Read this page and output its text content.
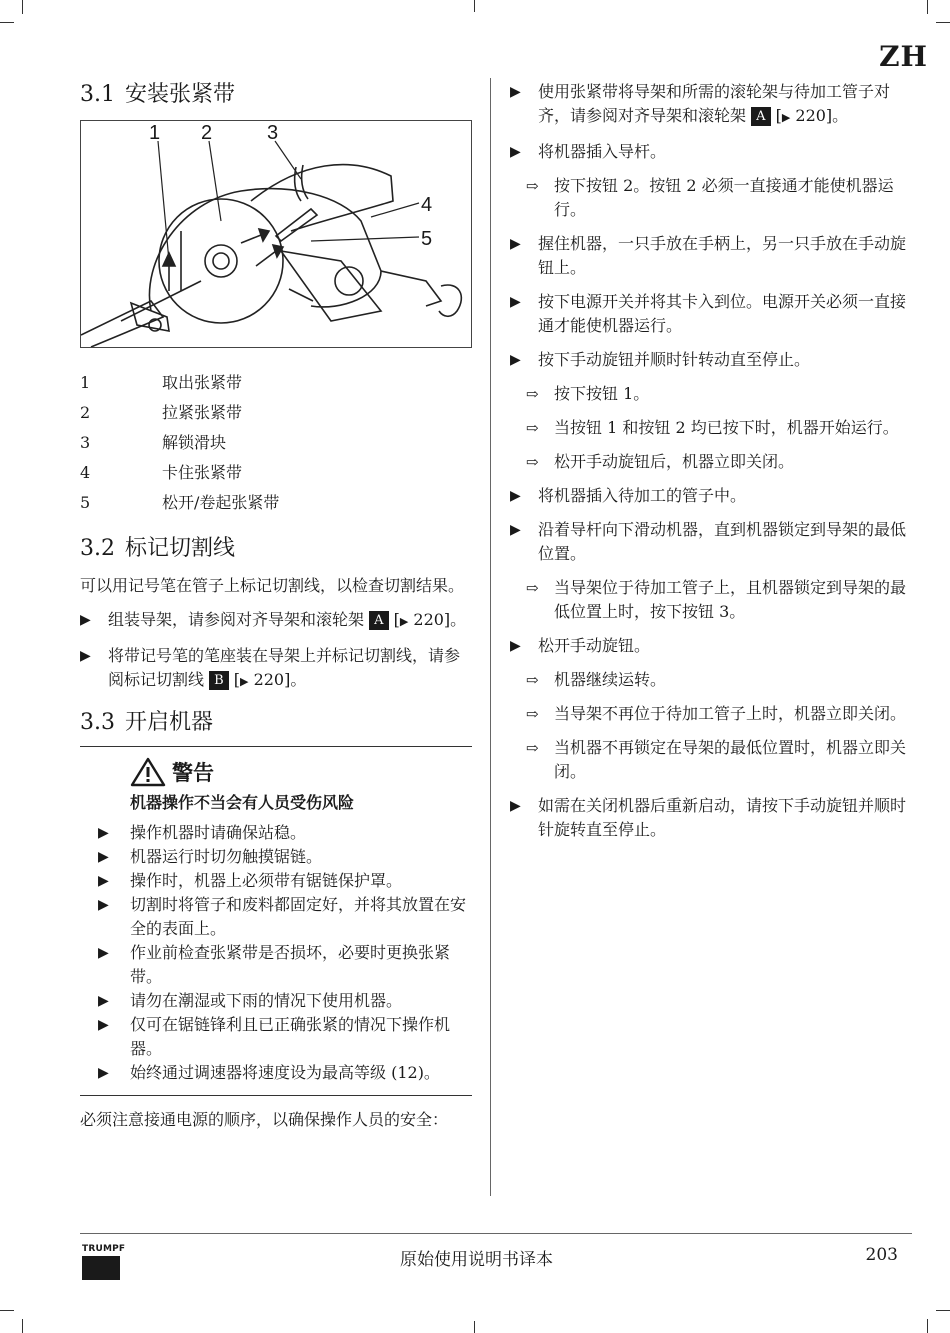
ZH
3.1 安装张紧带
1 2	3
4
5
1	取出张紧带
2	拉紧张紧带
3	解锁滑块
4	卡住张紧带
5	松开/卷起张紧带
3.2 标记切割线

可以用记号笔在管子上标记切割线，以检查切割结果。

▶ 组装导架，请参阅对齐导架和滚轮架 A [▶ 220]。
▶ 将带记号笔的笔座装在导架上并标记切割线，请参阅标记切割线 B [▶ 220]。
3.3 开启机器
警告
机器操作不当会有人员受伤风险
▶ 操作机器时请确保站稳。
▶ 机器运行时切勿触摸锯链。
▶ 操作时，机器上必须带有锯链保护罩。
▶ 切割时将管子和废料都固定好，并将其放置在安全的表面上。
▶ 作业前检查张紧带是否损坏，必要时更换张紧带。
▶ 请勿在潮湿或下雨的情况下使用机器。
▶ 仅可在锯链锋利且已正确张紧的情况下操作机器。
▶ 始终通过调速器将速度设为最高等级 (12)。

必须注意接通电源的顺序，以确保操作人员的安全：

▶ 使用张紧带将导架和所需的滚轮架与待加工管子对齐，请参阅对齐导架和滚轮架 A [▶ 220]。
▶ 将机器插入导杆。
⇨ 按下按钮 2。按钮 2 必须一直接通才能使机器运行。
▶ 握住机器，一只手放在手柄上，另一只手放在手动旋钮上。
▶ 按下电源开关并将其卡入到位。电源开关必须一直接通才能使机器运行。
▶ 按下手动旋钮并顺时针转动直至停止。
⇨ 按下按钮 1。
⇨ 当按钮 1 和按钮 2 均已按下时，机器开始运行。
⇨ 松开手动旋钮后，机器立即关闭。
▶ 将机器插入待加工的管子中。
▶ 沿着导杆向下滑动机器，直到机器锁定到导架的最低位置。
⇨ 当导架位于待加工管子上，且机器锁定到导架的最低位置上时，按下按钮 3。
▶ 松开手动旋钮。
⇨ 机器继续运转。
⇨ 当导架不再位于待加工管子上时，机器立即关闭。
⇨ 当机器不再锁定在导架的最低位置时，机器立即关闭。
▶ 如需在关闭机器后重新启动，请按下手动旋钮并顺时针旋转直至停止。
TRUMPF
原始使用说明书译本	203
